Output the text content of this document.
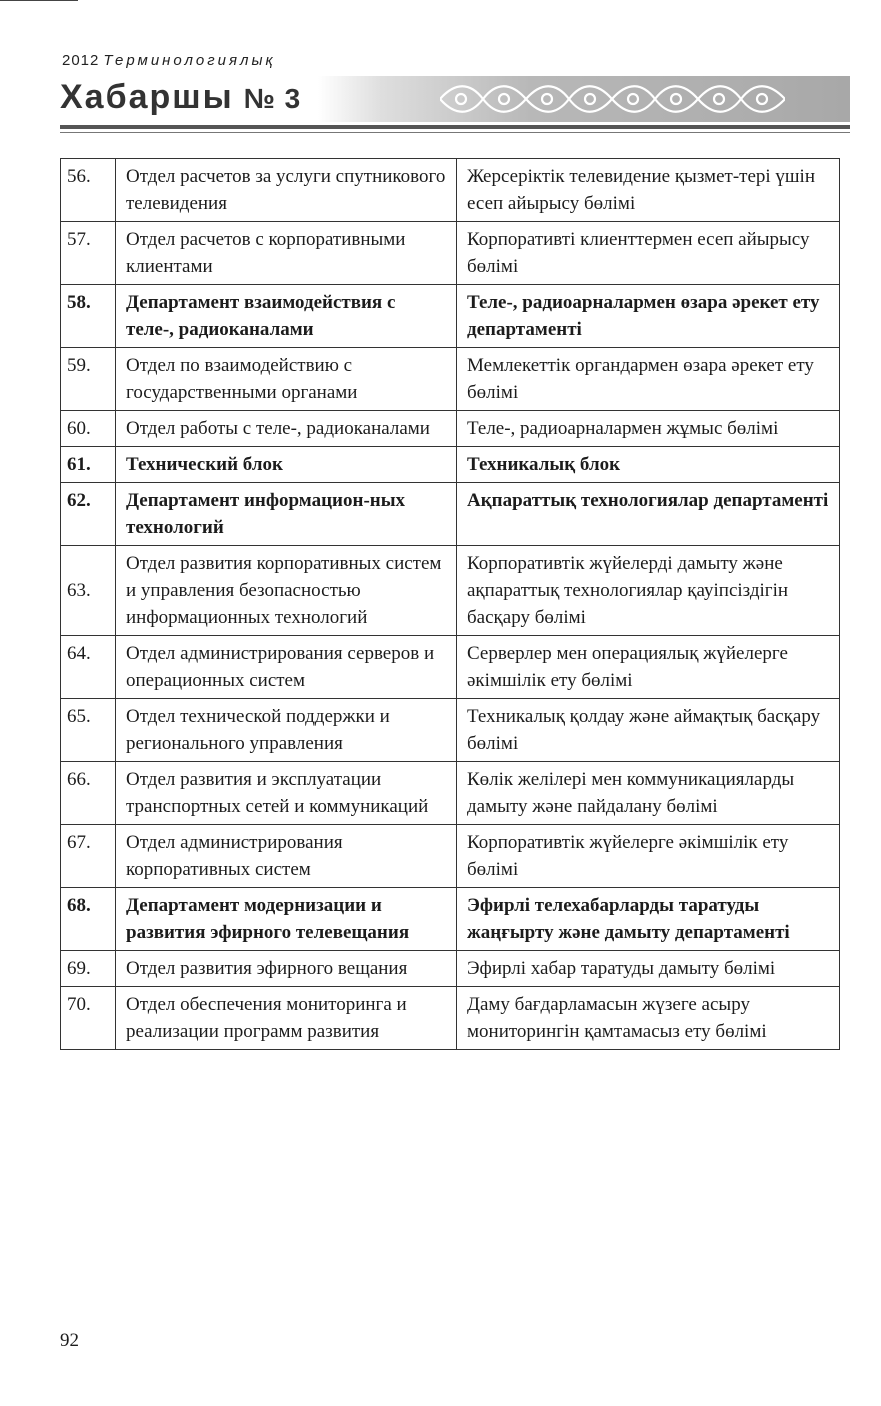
2012 Терминологиялық
Хабаршы № 3
56.	Отдел расчетов за услуги спутникового телевидения	Жерсеріктік телевидение қызмет-тері үшін есеп айырысу бөлімі
57.	Отдел расчетов с корпоративными клиентами	Корпоративті клиенттермен есеп айырысу бөлімі
58.	Департамент взаимодействия с теле-, радиоканалами	Теле-, радиоарналармен өзара әрекет ету департаменті
59.	Отдел по взаимодействию с государственными органами	Мемлекеттік органдармен өзара әрекет ету бөлімі
60.	Отдел работы с теле-, радиоканалами	Теле-, радиоарналармен жұмыс бөлімі
61.	Технический блок	Техникалық блок
62.	Департамент информацион-ных технологий	Ақпараттық технологиялар департаменті
63.	Отдел развития корпоративных систем и управления безопасностью информационных технологий	Корпоративтік жүйелерді дамыту және ақпараттық технологиялар қауіпсіздігін басқару бөлімі
64.	Отдел администрирования серверов и операционных систем	Серверлер мен операциялық жүйелерге әкімшілік ету бөлімі
65.	Отдел технической поддержки и регионального управления	Техникалық қолдау және аймақтық басқару бөлімі
66.	Отдел развития и эксплуатации транспортных сетей и коммуникаций	Көлік желілері мен коммуникацияларды дамыту және пайдалану бөлімі
67.	Отдел администрирования корпоративных систем	Корпоративтік жүйелерге әкімшілік ету бөлімі
68.	Департамент модернизации и развития эфирного телевещания	Эфирлі телехабарларды таратуды жаңғырту және дамыту департаменті
69.	Отдел развития эфирного вещания	Эфирлі хабар таратуды дамыту бөлімі
70.	Отдел обеспечения мониторинга и реализации программ развития	Даму бағдарламасын жүзеге асыру мониторингін қамтамасыз ету бөлімі
92
